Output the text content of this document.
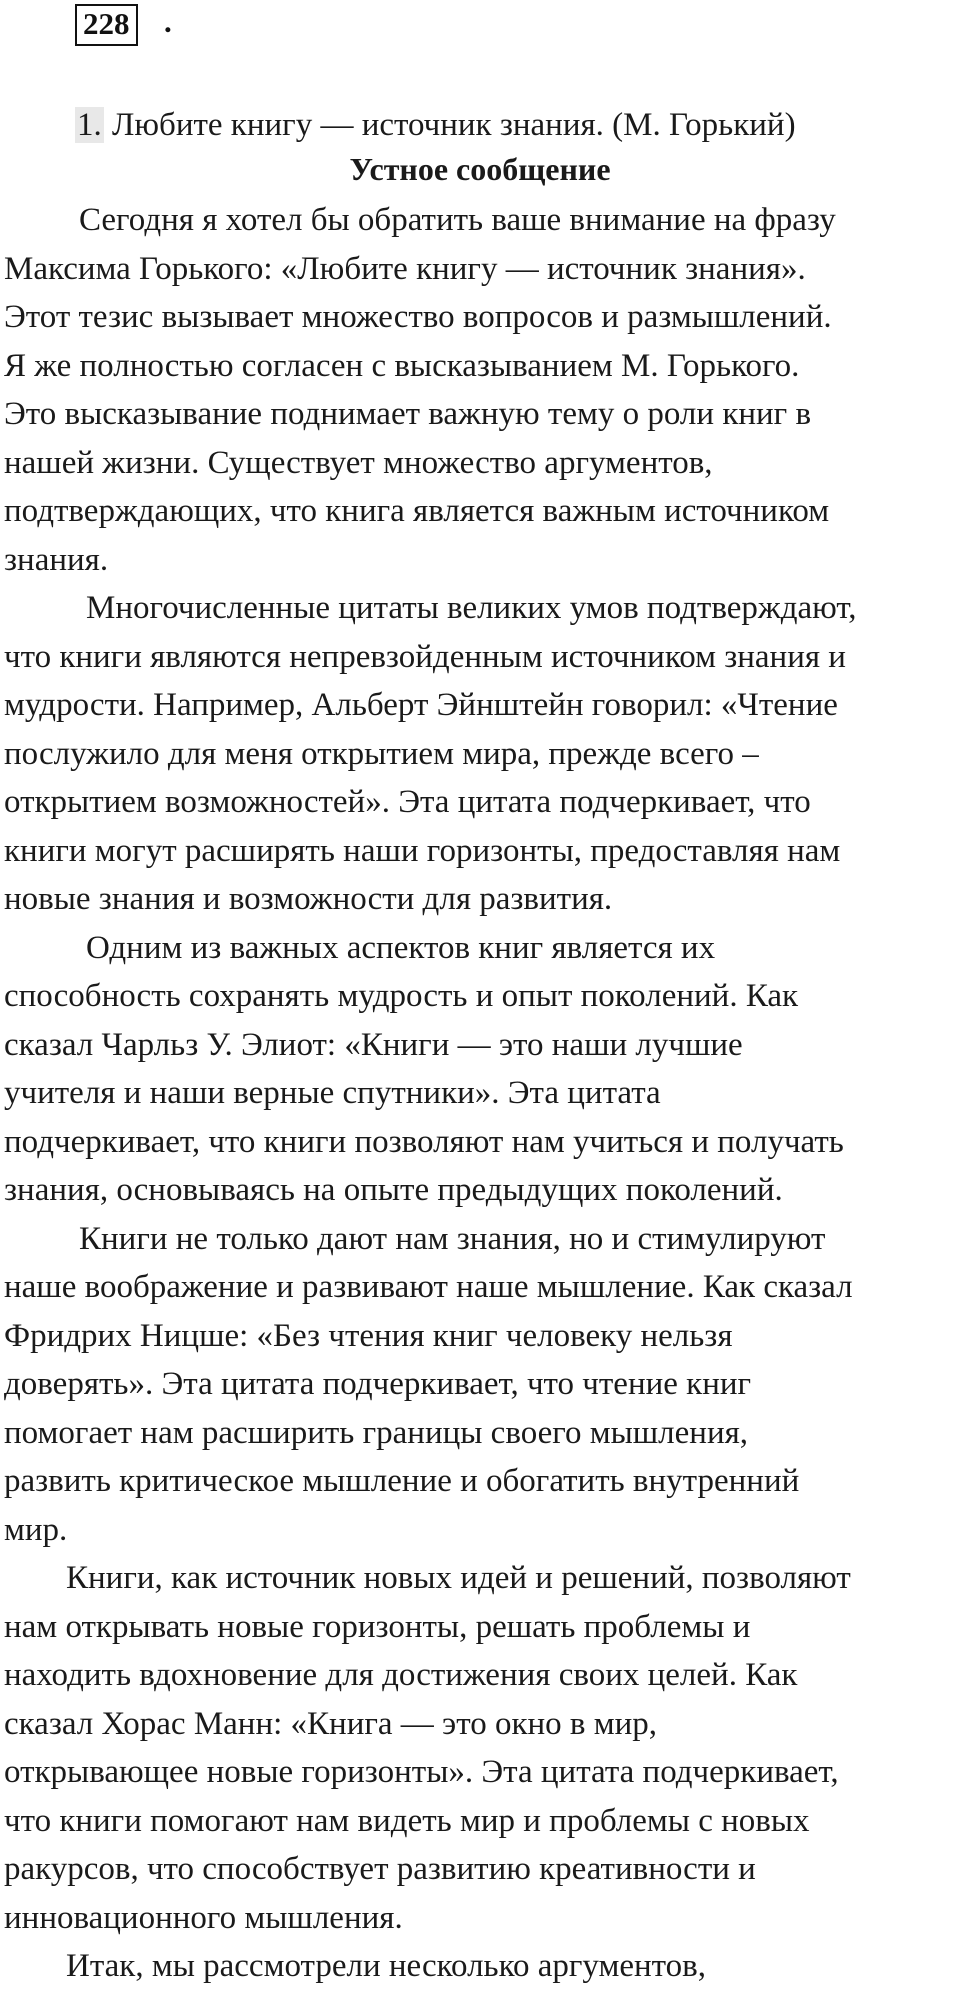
228 .
1. Любите книгу — источник знания. (М. Горький)
Устное сообщение
Сегодня я хотел бы обратить ваше внимание на фразу
Максима Горького: «Любите книгу — источник знания».
Этот тезис вызывает множество вопросов и размышлений.
Я же полностью согласен с высказыванием М. Горького.
Это высказывание поднимает важную тему о роли книг в
нашей жизни. Существует множество аргументов,
подтверждающих, что книга является важным источником
знания.
Многочисленные цитаты великих умов подтверждают,
что книги являются непревзойденным источником знания и
мудрости. Например, Альберт Эйнштейн говорил: «Чтение
послужило для меня открытием мира, прежде всего –
открытием возможностей». Эта цитата подчеркивает, что
книги могут расширять наши горизонты, предоставляя нам
новые знания и возможности для развития.
Одним из важных аспектов книг является их
способность сохранять мудрость и опыт поколений. Как
сказал Чарльз У. Элиот: «Книги — это наши лучшие
учителя и наши верные спутники». Эта цитата
подчеркивает, что книги позволяют нам учиться и получать
знания, основываясь на опыте предыдущих поколений.
Книги не только дают нам знания, но и стимулируют
наше воображение и развивают наше мышление. Как сказал
Фридрих Ницше: «Без чтения книг человеку нельзя
доверять». Эта цитата подчеркивает, что чтение книг
помогает нам расширить границы своего мышления,
развить критическое мышление и обогатить внутренний
мир.
Книги, как источник новых идей и решений, позволяют
нам открывать новые горизонты, решать проблемы и
находить вдохновение для достижения своих целей. Как
сказал Хорас Манн: «Книга — это окно в мир,
открывающее новые горизонты». Эта цитата подчеркивает,
что книги помогают нам видеть мир и проблемы с новых
ракурсов, что способствует развитию креативности и
инновационного мышления.
Итак, мы рассмотрели несколько аргументов,
